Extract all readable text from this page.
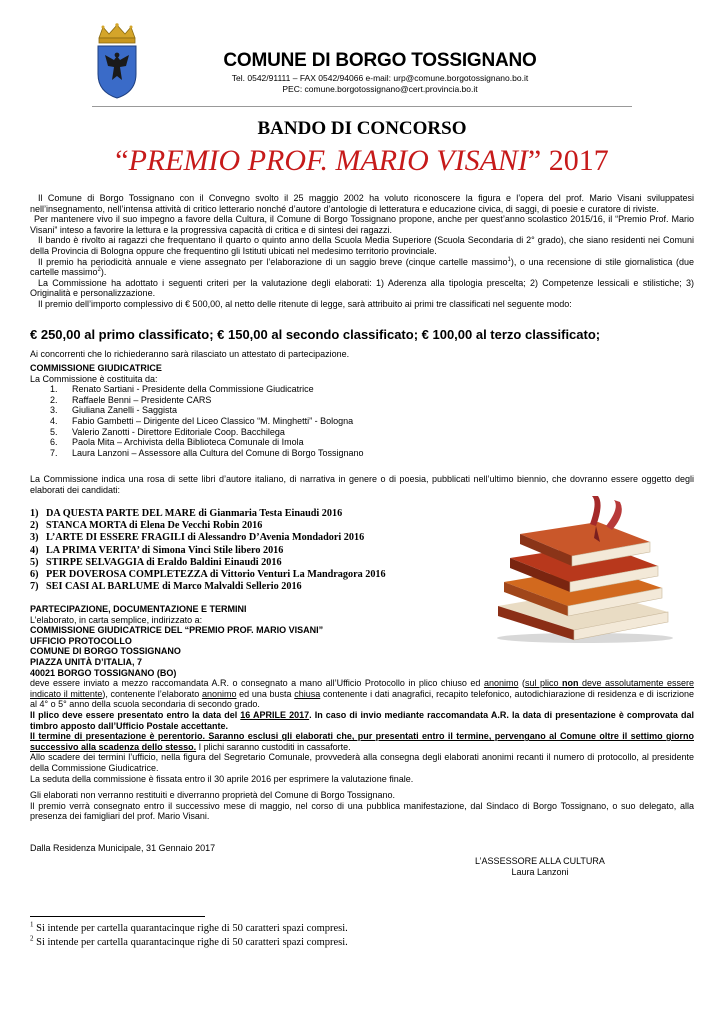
COMUNE DI BORGO TOSSIGNANO
Tel. 0542/91111 – FAX 0542/94066 e-mail: urp@comune.borgotossignano.bo.it
PEC: comune.borgotossignano@cert.provincia.bo.it
BANDO DI CONCORSO
“PREMIO PROF. MARIO VISANI” 2017
Il Comune di Borgo Tossignano con il Convegno svolto il 25 maggio 2002 ha voluto riconoscere la figura e l’opera del prof. Mario Visani sviluppatesi nell’insegnamento, nell’intensa attività di critico letterario nonché d’autore d’antologie di letteratura e educazione civica, di saggi, di poesie e curatore di riviste.
Per mantenere vivo il suo impegno a favore della Cultura, il Comune di Borgo Tossignano propone, anche per quest’anno scolastico 2015/16, il “Premio Prof. Mario Visani” inteso a favorire la lettura e la progressiva capacità di critica e di sintesi dei ragazzi.
Il bando è rivolto ai ragazzi che frequentano il quarto o quinto anno della Scuola Media Superiore (Scuola Secondaria di 2° grado), che siano residenti nei Comuni della Provincia di Bologna oppure che frequentino gli Istituti ubicati nel medesimo territorio provinciale.
Il premio ha periodicità annuale e viene assegnato per l’elaborazione di un saggio breve (cinque cartelle massimo$^1$), o una recensione di stile giornalistica (due cartelle massimo$^2$).
La Commissione ha adottato i seguenti criteri per la valutazione degli elaborati: 1) Aderenza alla tipologia prescelta; 2) Competenze lessicali e stilistiche; 3) Originalità e personalizzazione.
Il premio dell’importo complessivo di € 500,00, al netto delle ritenute di legge, sarà attribuito ai primi tre classificati nel seguente modo:
€ 250,00 al primo classificato; € 150,00 al secondo classificato; € 100,00 al terzo classificato;
Ai concorrenti che lo richiederanno sarà rilasciato un attestato di partecipazione.
COMMISSIONE GIUDICATRICE
La Commissione è costituita da:
1. Renato Sartiani - Presidente della Commissione Giudicatrice
2. Raffaele Benni – Presidente CARS
3. Giuliana Zanelli - Saggista
4. Fabio Gambetti – Dirigente del Liceo Classico “M. Minghetti” - Bologna
5. Valerio Zanotti - Direttore Editoriale Coop. Bacchilega
6. Paola Mita – Archivista della Biblioteca Comunale di Imola
7. Laura Lanzoni – Assessore alla Cultura del Comune di Borgo Tossignano
La Commissione indica una rosa di sette libri d’autore italiano, di narrativa in genere o di poesia, pubblicati nell’ultimo biennio, che dovranno essere oggetto degli elaborati dei candidati:
1) DA QUESTA PARTE DEL MARE di Gianmaria Testa Einaudi 2016
2) STANCA MORTA di Elena De Vecchi Robin 2016
3) L’ARTE DI ESSERE FRAGILI di Alessandro D’Avenia Mondadori 2016
4) LA PRIMA VERITA’ di Simona Vinci Stile libero 2016
5) STIRPE SELVAGGIA di Eraldo Baldini Einaudi 2016
6) PER DOVEROSA COMPLETEZZA di Vittorio Venturi La Mandragora 2016
7) SEI CASI AL BARLUME di Marco Malvaldi Sellerio 2016
PARTECIPAZIONE, DOCUMENTAZIONE E TERMINI
L’elaborato, in carta semplice, indirizzato a:
COMMISSIONE GIUDICATRICE DEL “PREMIO PROF. MARIO VISANI”
UFFICIO PROTOCOLLO
COMUNE DI BORGO TOSSIGNANO
PIAZZA UNITÀ D’ITALIA, 7
40021 BORGO TOSSIGNANO (BO)
deve essere inviato a mezzo raccomandata A.R. o consegnato a mano all’Ufficio Protocollo in plico chiuso ed anonimo (sul plico non deve assolutamente essere indicato il mittente), contenente l’elaborato anonimo ed una busta chiusa contenente i dati anagrafici, recapito telefonico, autodichiarazione di residenza e di iscrizione al 4° o 5° anno della scuola secondaria di secondo grado.
Il plico deve essere presentato entro la data del 16 APRILE 2017. In caso di invio mediante raccomandata A.R. la data di presentazione è comprovata dal timbro apposto dall’Ufficio Postale accettante.
Il termine di presentazione è perentorio. Saranno esclusi gli elaborati che, pur presentati entro il termine, pervengano al Comune oltre il settimo giorno successivo alla scadenza dello stesso. I plichi saranno custoditi in cassaforte.
Allo scadere dei termini l’ufficio, nella figura del Segretario Comunale, provvederà alla consegna degli elaborati anonimi recanti il numero di protocollo, al presidente della Commissione Giudicatrice.
La seduta della commissione è fissata entro il 30 aprile 2016 per esprimere la valutazione finale.
Gli elaborati non verranno restituiti e diverranno proprietà del Comune di Borgo Tossignano.
Il premio verrà consegnato entro il successivo mese di maggio, nel corso di una pubblica manifestazione, dal Sindaco di Borgo Tossignano, o suo delegato, alla presenza dei famigliari del prof. Mario Visani.
Dalla Residenza Municipale, 31 Gennaio 2017
L’ASSESSORE ALLA CULTURA
Laura Lanzoni
$^1$ Si intende per cartella quarantacinque righe di 50 caratteri spazi compresi.
$^2$ Si intende per cartella quarantacinque righe di 50 caratteri spazi compresi.
